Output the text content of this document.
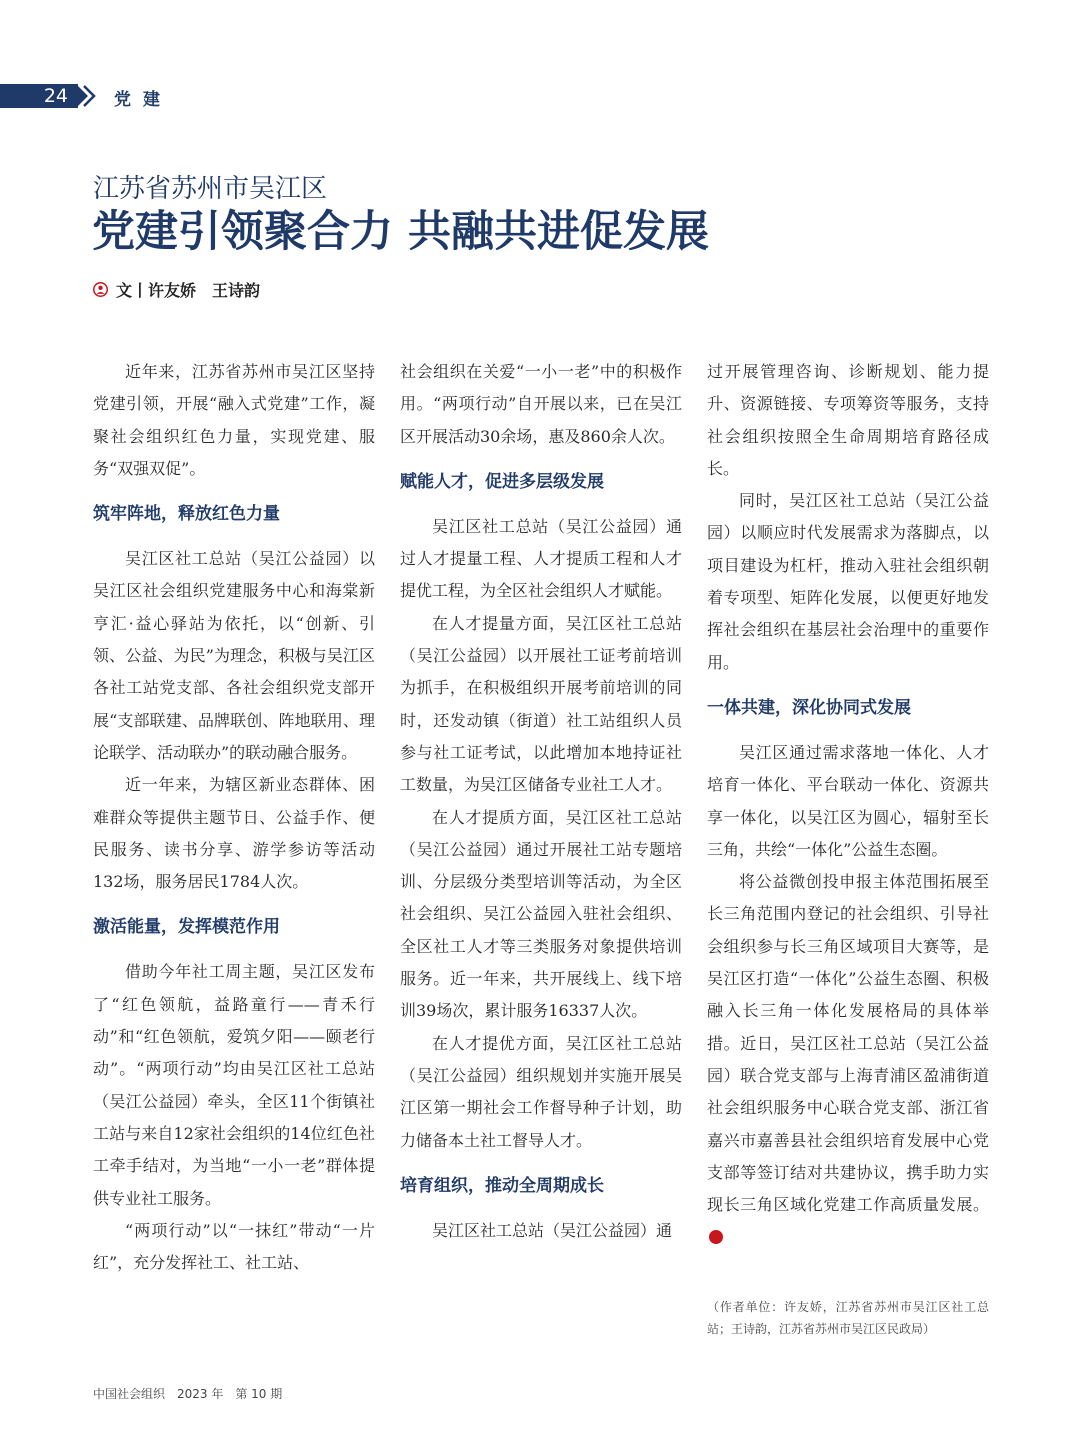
24	党建
江苏省苏州市吴江区
党建引领聚合力 共融共进促发展
文丨许友娇　王诗韵

近年来，江苏省苏州市吴江区坚持党建引领，开展“融入式党建”工作，凝聚社会组织红色力量，实现党建、服务“双强双促”。

筑牢阵地，释放红色力量

吴江区社工总站（吴江公益园）以吴江区社会组织党建服务中心和海棠新亨汇·益心驿站为依托，以“创新、引领、公益、为民”为理念，积极与吴江区各社工站党支部、各社会组织党支部开展“支部联建、品牌联创、阵地联用、理论联学、活动联办”的联动融合服务。

近一年来，为辖区新业态群体、困难群众等提供主题节日、公益手作、便民服务、读书分享、游学参访等活动132场，服务居民1784人次。

激活能量，发挥模范作用

借助今年社工周主题，吴江区发布了“红色领航，益路童行——青禾行动”和“红色领航，爱筑夕阳——颐老行动”。“两项行动”均由吴江区社工总站（吴江公益园）牵头，全区11个街镇社工站与来自12家社会组织的14位红色社工牵手结对，为当地“一小一老”群体提供专业社工服务。

“两项行动”以“一抹红”带动“一片红”，充分发挥社工、社工站、

社会组织在关爱“一小一老”中的积极作用。“两项行动”自开展以来，已在吴江区开展活动30余场，惠及860余人次。

赋能人才，促进多层级发展

吴江区社工总站（吴江公益园）通过人才提量工程、人才提质工程和人才提优工程，为全区社会组织人才赋能。

在人才提量方面，吴江区社工总站（吴江公益园）以开展社工证考前培训为抓手，在积极组织开展考前培训的同时，还发动镇（街道）社工站组织人员参与社工证考试，以此增加本地持证社工数量，为吴江区储备专业社工人才。

在人才提质方面，吴江区社工总站（吴江公益园）通过开展社工站专题培训、分层级分类型培训等活动，为全区社会组织、吴江公益园入驻社会组织、全区社工人才等三类服务对象提供培训服务。近一年来，共开展线上、线下培训39场次，累计服务16337人次。

在人才提优方面，吴江区社工总站（吴江公益园）组织规划并实施开展吴江区第一期社会工作督导种子计划，助力储备本土社工督导人才。

培育组织，推动全周期成长

吴江区社工总站（吴江公益园）通

过开展管理咨询、诊断规划、能力提升、资源链接、专项筹资等服务，支持社会组织按照全生命周期培育路径成长。

同时，吴江区社工总站（吴江公益园）以顺应时代发展需求为落脚点，以项目建设为杠杆，推动入驻社会组织朝着专项型、矩阵化发展，以便更好地发挥社会组织在基层社会治理中的重要作用。

一体共建，深化协同式发展

吴江区通过需求落地一体化、人才培育一体化、平台联动一体化、资源共享一体化，以吴江区为圆心，辐射至长三角，共绘“一体化”公益生态圈。

将公益微创投申报主体范围拓展至长三角范围内登记的社会组织、引导社会组织参与长三角区域项目大赛等，是吴江区打造“一体化”公益生态圈、积极融入长三角一体化发展格局的具体举措。近日，吴江区社工总站（吴江公益园）联合党支部与上海青浦区盈浦街道社会组织服务中心联合党支部、浙江省嘉兴市嘉善县社会组织培育发展中心党支部等签订结对共建协议，携手助力实现长三角区域化党建工作高质量发展。

（作者单位：许友娇，江苏省苏州市吴江区社工总站；王诗韵，江苏省苏州市吴江区民政局）
中国社会组织　2023 年　第 10 期
